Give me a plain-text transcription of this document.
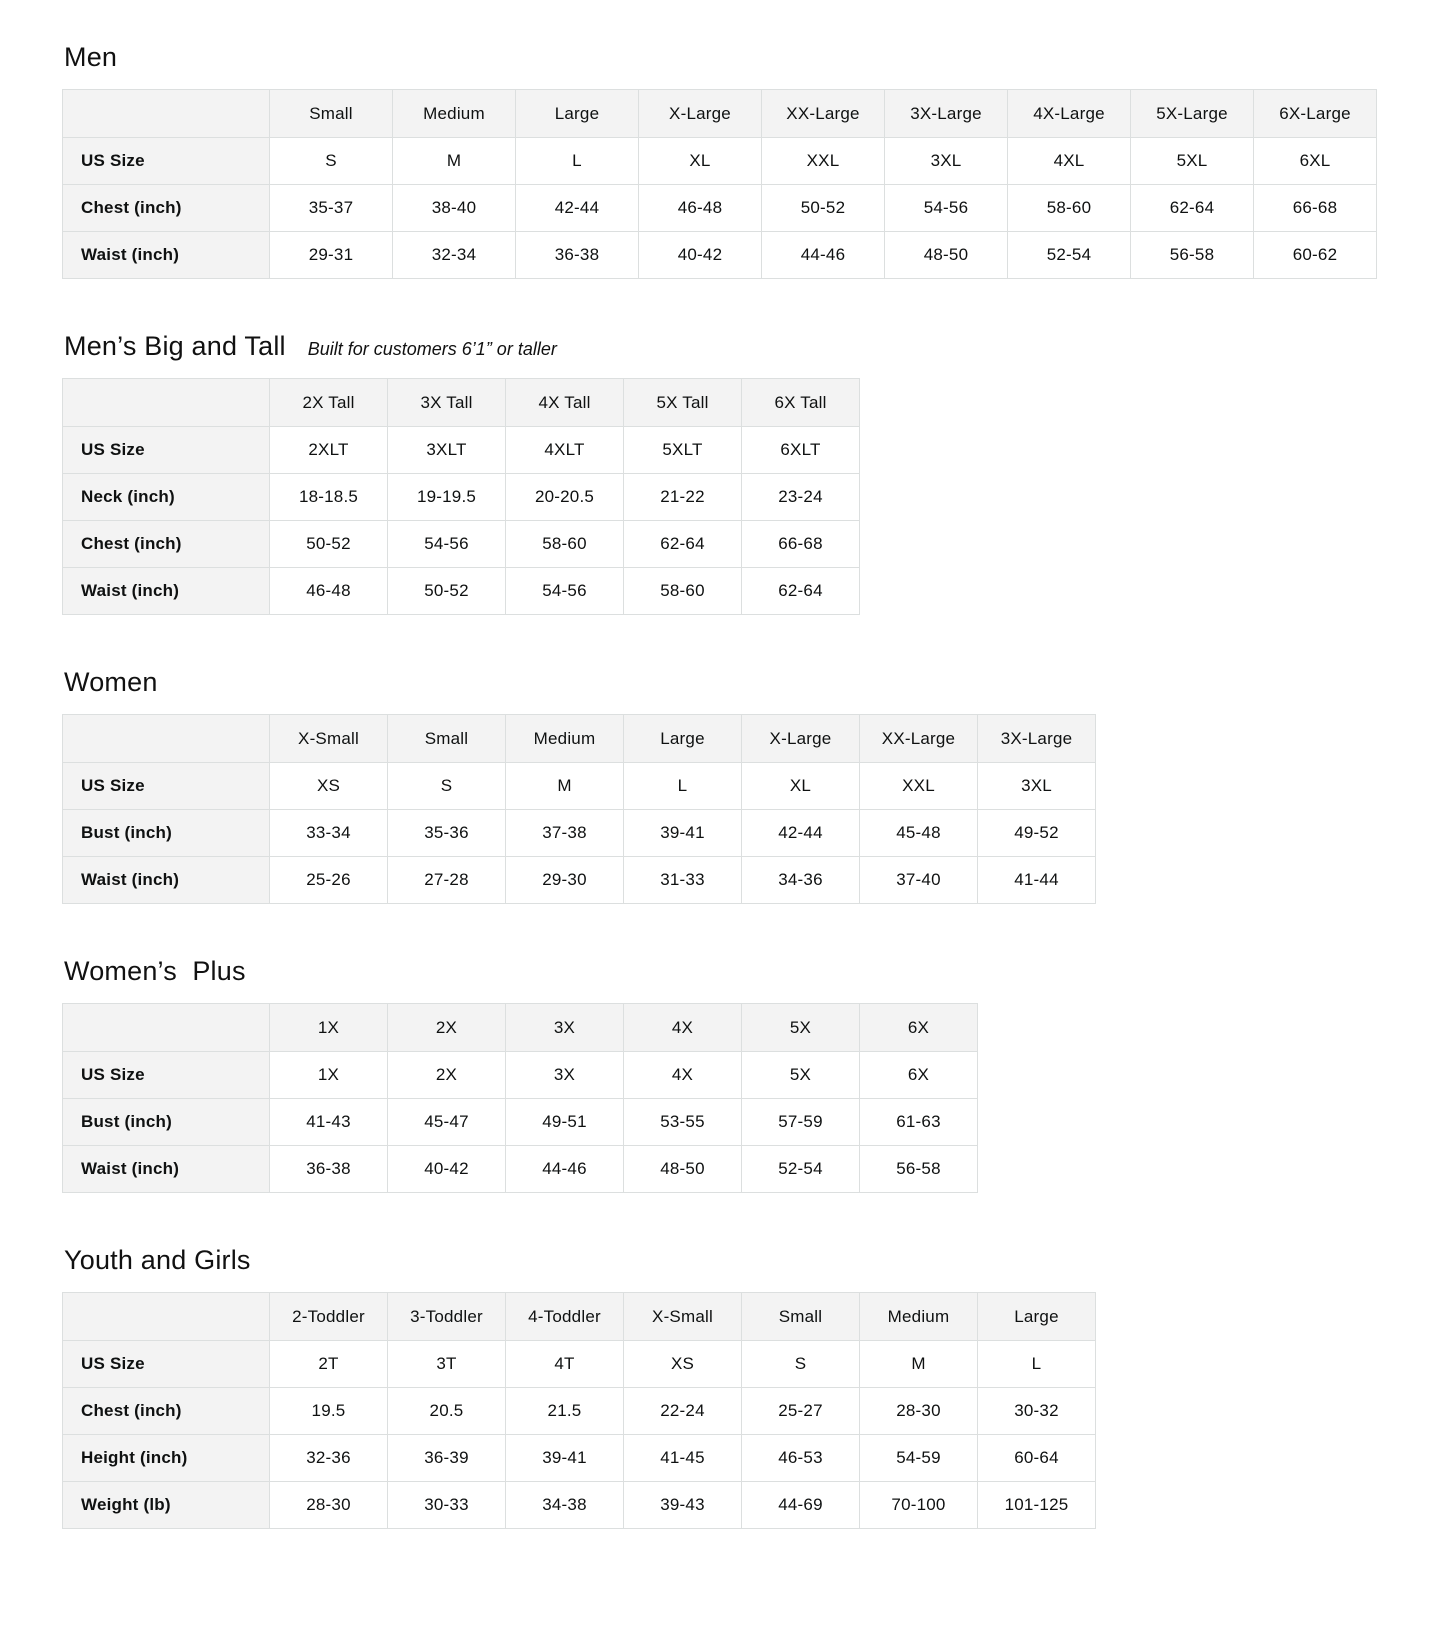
Men
	Small	Medium	Large	X-Large	XX-Large	3X-Large	4X-Large	5X-Large	6X-Large
US Size	S	M	L	XL	XXL	3XL	4XL	5XL	6XL
Chest (inch)	35-37	38-40	42-44	46-48	50-52	54-56	58-60	62-64	66-68
Waist (inch)	29-31	32-34	36-38	40-42	44-46	48-50	52-54	56-58	60-62
Men’s Big and Tall Built for customers 6’1” or taller
	2X Tall	3X Tall	4X Tall	5X Tall	6X Tall
US Size	2XLT	3XLT	4XLT	5XLT	6XLT
Neck (inch)	18-18.5	19-19.5	20-20.5	21-22	23-24
Chest (inch)	50-52	54-56	58-60	62-64	66-68
Waist (inch)	46-48	50-52	54-56	58-60	62-64
Women
	X-Small	Small	Medium	Large	X-Large	XX-Large	3X-Large
US Size	XS	S	M	L	XL	XXL	3XL
Bust (inch)	33-34	35-36	37-38	39-41	42-44	45-48	49-52
Waist (inch)	25-26	27-28	29-30	31-33	34-36	37-40	41-44
Women’s  Plus
	1X	2X	3X	4X	5X	6X
US Size	1X	2X	3X	4X	5X	6X
Bust (inch)	41-43	45-47	49-51	53-55	57-59	61-63
Waist (inch)	36-38	40-42	44-46	48-50	52-54	56-58
Youth and Girls
	2-Toddler	3-Toddler	4-Toddler	X-Small	Small	Medium	Large
US Size	2T	3T	4T	XS	S	M	L
Chest (inch)	19.5	20.5	21.5	22-24	25-27	28-30	30-32
Height (inch)	32-36	36-39	39-41	41-45	46-53	54-59	60-64
Weight (lb)	28-30	30-33	34-38	39-43	44-69	70-100	101-125
